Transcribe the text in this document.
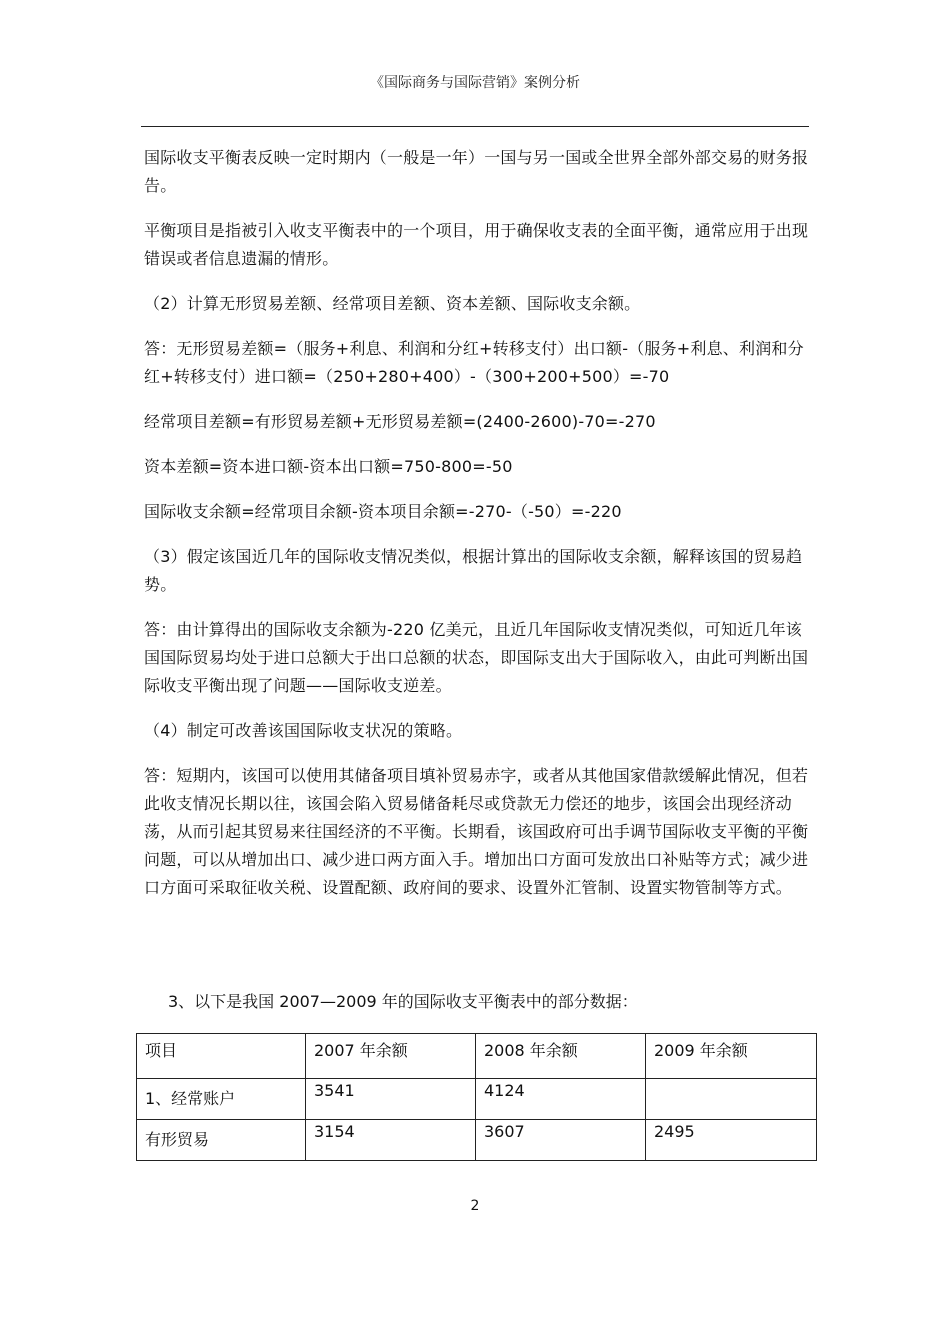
《国际商务与国际营销》案例分析

国际收支平衡表反映一定时期内（一般是一年）一国与另一国或全世界全部外部交易的财务报告。

平衡项目是指被引入收支平衡表中的一个项目，用于确保收支表的全面平衡，通常应用于出现错误或者信息遗漏的情形。

（2）计算无形贸易差额、经常项目差额、资本差额、国际收支余额。

答：无形贸易差额=（服务+利息、利润和分红+转移支付）出口额-（服务+利息、利润和分红+转移支付）进口额=（250+280+400）-（300+200+500）=-70

经常项目差额=有形贸易差额+无形贸易差额=(2400-2600)-70=-270

资本差额=资本进口额-资本出口额=750-800=-50

国际收支余额=经常项目余额-资本项目余额=-270-（-50）=-220

（3）假定该国近几年的国际收支情况类似，根据计算出的国际收支余额，解释该国的贸易趋势。

答：由计算得出的国际收支余额为-220 亿美元，且近几年国际收支情况类似，可知近几年该国国际贸易均处于进口总额大于出口总额的状态，即国际支出大于国际收入，由此可判断出国际收支平衡出现了问题——国际收支逆差。

（4）制定可改善该国国际收支状况的策略。

答：短期内，该国可以使用其储备项目填补贸易赤字，或者从其他国家借款缓解此情况，但若此收支情况长期以往，该国会陷入贸易储备耗尽或贷款无力偿还的地步，该国会出现经济动荡，从而引起其贸易来往国经济的不平衡。长期看，该国政府可出手调节国际收支平衡的平衡问题，可以从增加出口、减少进口两方面入手。增加出口方面可发放出口补贴等方式；减少进口方面可采取征收关税、设置配额、政府间的要求、设置外汇管制、设置实物管制等方式。

3、以下是我国 2007—2009 年的国际收支平衡表中的部分数据：
项目	2007 年余额	2008 年余额	2009 年余额
1、经常账户	3541	4124	
有形贸易	3154	3607	2495
2
